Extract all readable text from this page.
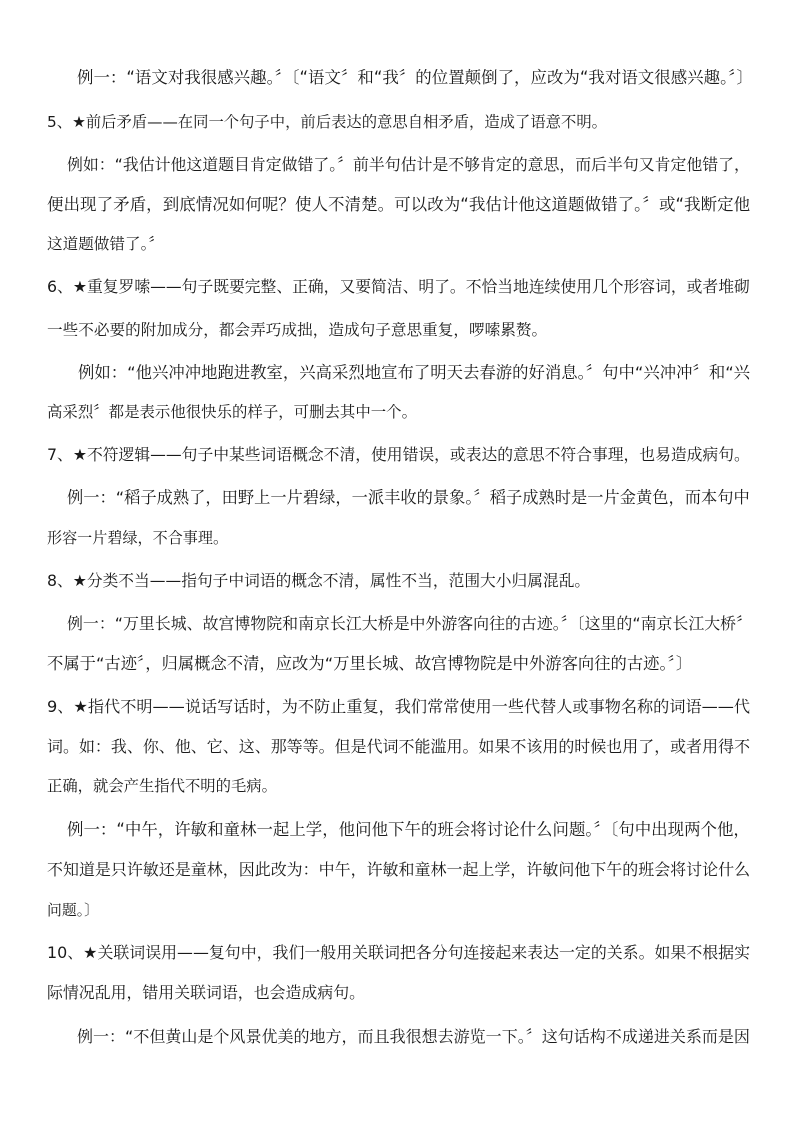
例一：“语文对我很感兴趣。〞〔“语文〞和“我〞的位置颠倒了，应改为“我对语文很感兴趣。〞〕
5、★前后矛盾——在同一个句子中，前后表达的意思自相矛盾，造成了语意不明。
例如：“我估计他这道题目肯定做错了。〞前半句估计是不够肯定的意思，而后半句又肯定他错了，
便出现了矛盾，到底情况如何呢？使人不清楚。可以改为“我估计他这道题做错了。〞或“我断定他
这道题做错了。〞
6、★重复罗嗦——句子既要完整、正确，又要简洁、明了。不恰当地连续使用几个形容词，或者堆砌
一些不必要的附加成分，都会弄巧成拙，造成句子意思重复，啰嗦累赘。
例如：“他兴冲冲地跑进教室，兴高采烈地宣布了明天去春游的好消息。〞句中“兴冲冲〞和“兴
高采烈〞都是表示他很快乐的样子，可删去其中一个。
7、★不符逻辑——句子中某些词语概念不清，使用错误，或表达的意思不符合事理，也易造成病句。
例一：“稻子成熟了，田野上一片碧绿，一派丰收的景象。〞稻子成熟时是一片金黄色，而本句中
形容一片碧绿，不合事理。
8、★分类不当——指句子中词语的概念不清，属性不当，范围大小归属混乱。
例一：“万里长城、故宫博物院和南京长江大桥是中外游客向往的古迹。〞〔这里的“南京长江大桥〞
不属于“古迹〞，归属概念不清，应改为“万里长城、故宫博物院是中外游客向往的古迹。〞〕
9、★指代不明——说话写话时，为不防止重复，我们常常使用一些代替人或事物名称的词语——代
词。如：我、你、他、它、这、那等等。但是代词不能滥用。如果不该用的时候也用了，或者用得不
正确，就会产生指代不明的毛病。
例一：“中午，许敏和童林一起上学，他问他下午的班会将讨论什么问题。〞〔句中出现两个他，
不知道是只许敏还是童林，因此改为：中午，许敏和童林一起上学，许敏问他下午的班会将讨论什么
问题。〕
10、★关联词误用——复句中，我们一般用关联词把各分句连接起来表达一定的关系。如果不根据实
际情况乱用，错用关联词语，也会造成病句。
例一：“不但黄山是个风景优美的地方，而且我很想去游览一下。〞这句话构不成递进关系而是因
